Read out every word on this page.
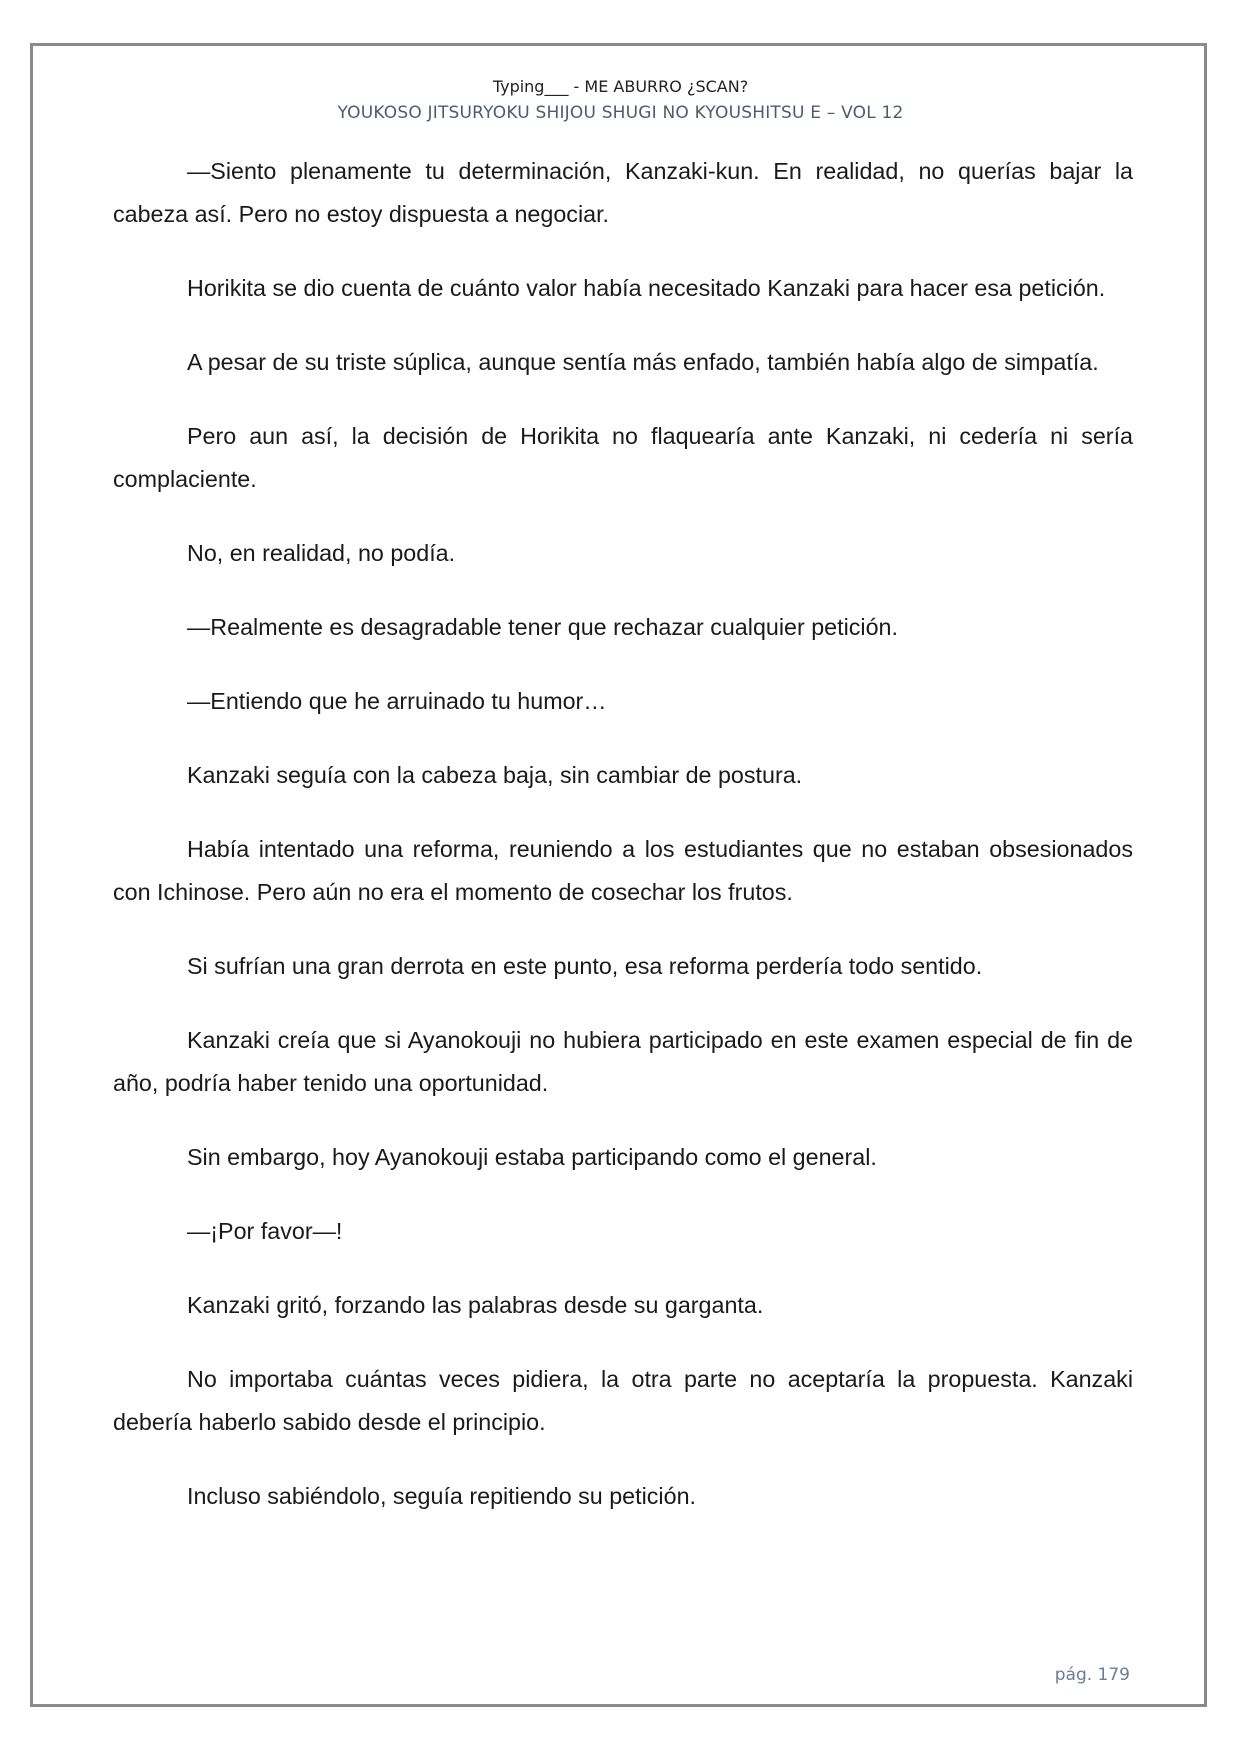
Typing___ - ME ABURRO ¿SCAN?
YOUKOSO JITSURYOKU SHIJOU SHUGI NO KYOUSHITSU E – VOL 12

—Siento plenamente tu determinación, Kanzaki-kun. En realidad, no querías bajar la cabeza así. Pero no estoy dispuesta a negociar.

Horikita se dio cuenta de cuánto valor había necesitado Kanzaki para hacer esa petición.

A pesar de su triste súplica, aunque sentía más enfado, también había algo de simpatía.

Pero aun así, la decisión de Horikita no flaquearía ante Kanzaki, ni cedería ni sería complaciente.

No, en realidad, no podía.

—Realmente es desagradable tener que rechazar cualquier petición.

—Entiendo que he arruinado tu humor…

Kanzaki seguía con la cabeza baja, sin cambiar de postura.

Había intentado una reforma, reuniendo a los estudiantes que no estaban obsesionados con Ichinose. Pero aún no era el momento de cosechar los frutos.

Si sufrían una gran derrota en este punto, esa reforma perdería todo sentido.

Kanzaki creía que si Ayanokouji no hubiera participado en este examen especial de fin de año, podría haber tenido una oportunidad.

Sin embargo, hoy Ayanokouji estaba participando como el general.

—¡Por favor—!

Kanzaki gritó, forzando las palabras desde su garganta.

No importaba cuántas veces pidiera, la otra parte no aceptaría la propuesta. Kanzaki debería haberlo sabido desde el principio.

Incluso sabiéndolo, seguía repitiendo su petición.

pág. 179
